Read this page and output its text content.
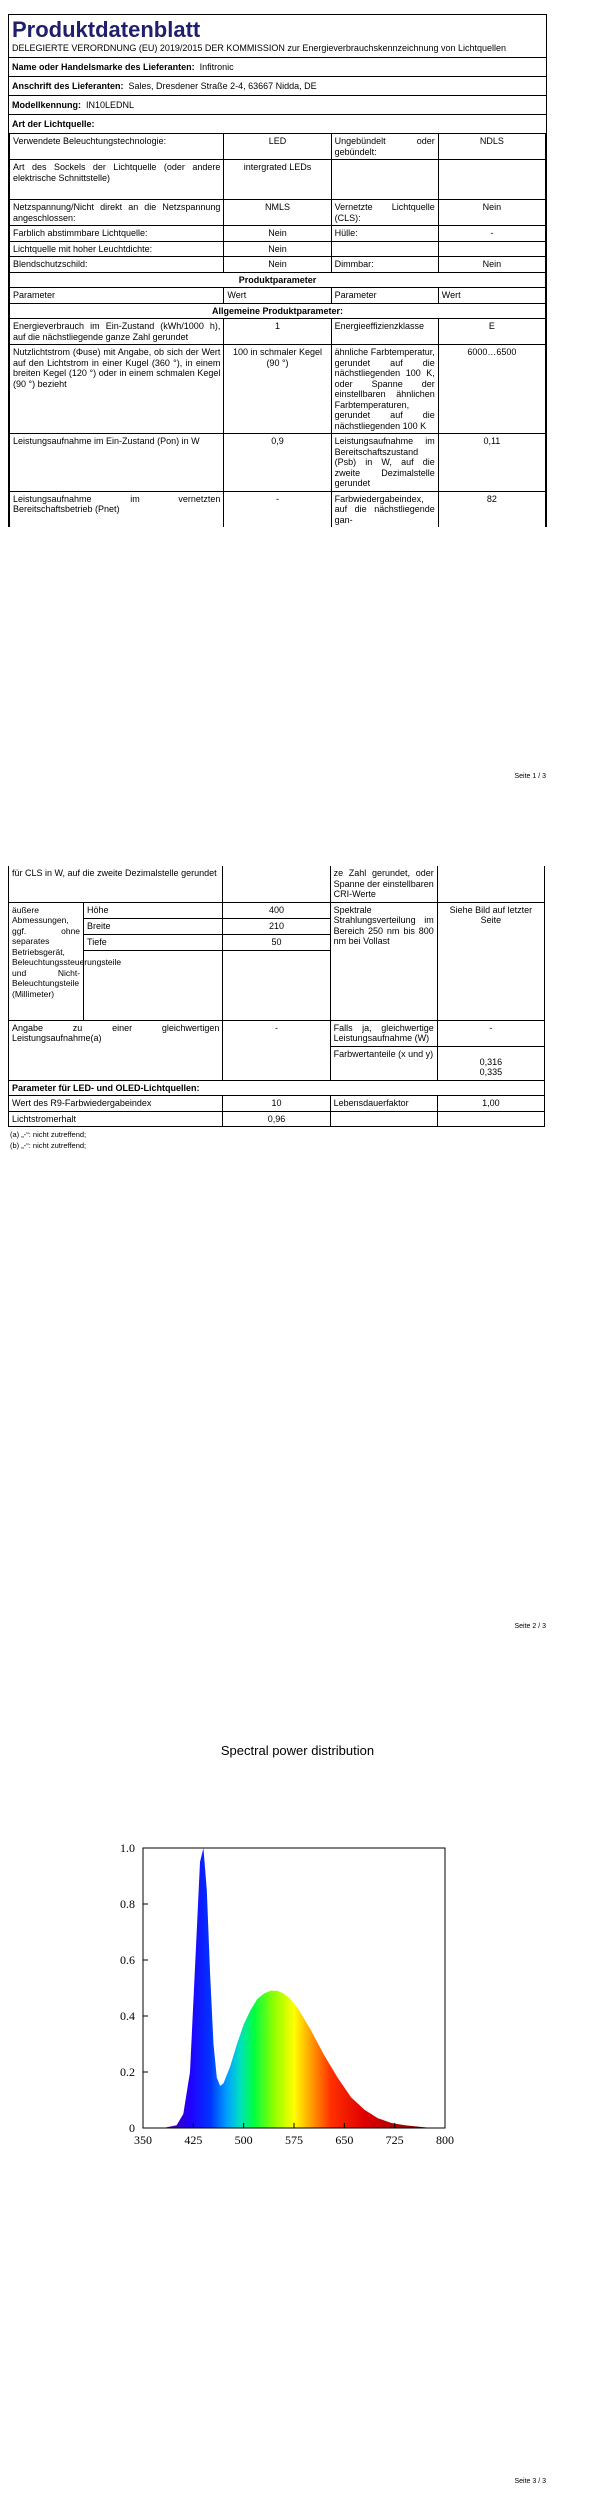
Produktdatenblatt
DELEGIERTE VERORDNUNG (EU) 2019/2015 DER KOMMISSION zur Energieverbrauchskennzeichnung von Lichtquellen
Name oder Handelsmarke des Lieferanten: Infitronic
Anschrift des Lieferanten: Sales, Dresdener Straße 2-4, 63667 Nidda, DE
Modellkennung: IN10LEDNL
Art der Lichtquelle:
Verwendete Beleuchtungstechnologie:	LED	Ungebündelt oder gebündelt:	NDLS
Art des Sockels der Lichtquelle (oder andere elektrische Schnittstelle)	intergrated LEDs		
Netzspannung/Nicht direkt an die Netzspannung angeschlossen:	NMLS	Vernetzte Lichtquelle (CLS):	Nein
Farblich abstimmbare Lichtquelle:	Nein	Hülle:	-
Lichtquelle mit hoher Leuchtdichte:	Nein		
Blendschutzschild:	Nein	Dimmbar:	Nein
Produktparameter			
Parameter	Wert	Parameter	Wert
Allgemeine Produktparameter:			
Energieverbrauch im Ein-Zustand (kWh/1000 h), auf die nächstliegende ganze Zahl gerundet	1	Energieeffizienzklasse	E
Nutzlichtstrom (Φuse) mit Angabe, ob sich der Wert auf den Lichtstrom in einer Kugel (360 °), in einem breiten Kegel (120 °) oder in einem schmalen Kegel (90 °) bezieht	100 in schmaler Kegel (90 °)	ähnliche Farbtemperatur, gerundet auf die nächstliegenden 100 K, oder Spanne der einstellbaren ähnlichen Farbtemperaturen, gerundet auf die nächstliegenden 100 K	6000…6500
Leistungsaufnahme im Ein-Zustand (Pon) in W	0,9	Leistungsaufnahme im Bereitschaftszustand (Psb) in W, auf die zweite Dezimalstelle gerundet	0,11
Leistungsaufnahme im vernetzten Bereitschaftsbetrieb (Pnet)	-	Farbwiedergabeindex, auf die nächstliegende gan-	82
Seite 1 / 3
für CLS in W, auf die zweite Dezimalstelle gerundet			ze Zahl gerundet, oder Spanne der einstellbaren CRI-Werte	
äußere Abmessungen, ggf. ohne separates Betriebsgerät, Beleuchtungssteuerungsteile und Nicht-Beleuchtungsteile (Millimeter)	Höhe	400	Spektrale Strahlungsverteilung im Bereich 250 nm bis 800 nm bei Vollast	Siehe Bild auf letzter Seite
	Breite	210		
	Tiefe	50		

Angabe zu einer gleichwertigen Leistungsaufnahme(a)		-	Falls ja, gleichwertige Leistungsaufnahme (W)	-
			Farbwertanteile (x und y)	0,316
0,335

Parameter für LED- und OLED-Lichtquellen:				
Wert des R9-Farbwiedergabeindex		10	Lebensdauerfaktor	1,00
Lichtstromerhalt		0,96		
(a) „-“: nicht zutreffend;
(b) „-“: nicht zutreffend;
Seite 2 / 3
Spectral power distribution
350	425	500	575	650	725	800
0
0.2
0.4
0.6
0.8
1.0
Seite 3 / 3
